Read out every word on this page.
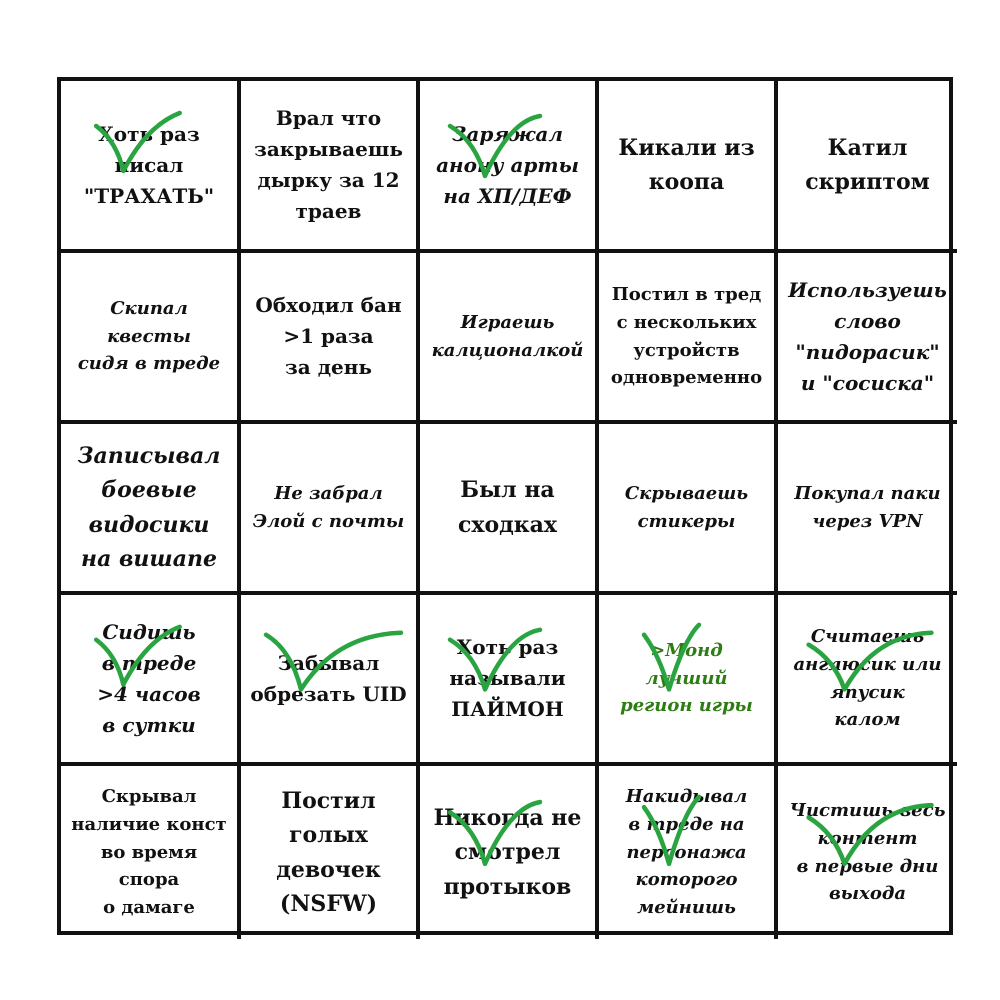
Хоть раз
писал
"ТРАХАТЬ"
Врал что
закрываешь
дырку за 12
траев
Заряжал
анону арты
на ХП/ДЕФ
Кикали из
коопа
Катил
скриптом
Скипал квесты
сидя в треде
Обходил бан
>1 раза
за день
Играешь
калционалкой
Постил в тред
с нескольких
устройств
одновременно
Используешь
слово
"пидорасик"
и "сосиска"
Записывал
боевые
видосики
на вишапе
Не забрал
Элой с почты
Был на
сходках
Скрываешь
стикеры
Покупал паки
через VPN
Сидишь
в треде
>4 часов
в сутки
Забывал
обрезать UID
Хоть раз
называли
ПАЙМОН
>Монд лучший
регион игры
Считаешь
англюсик или
япусик
калом
Скрывал
наличие конст
во время спора
о дамаге
Постил
голых
девочек
(NSFW)
Никогда не
смотрел
протыков
Накидывал
в треде на
персонажа
которого
мейнишь
Чистишь весь
контент
в первые дни
выхода
